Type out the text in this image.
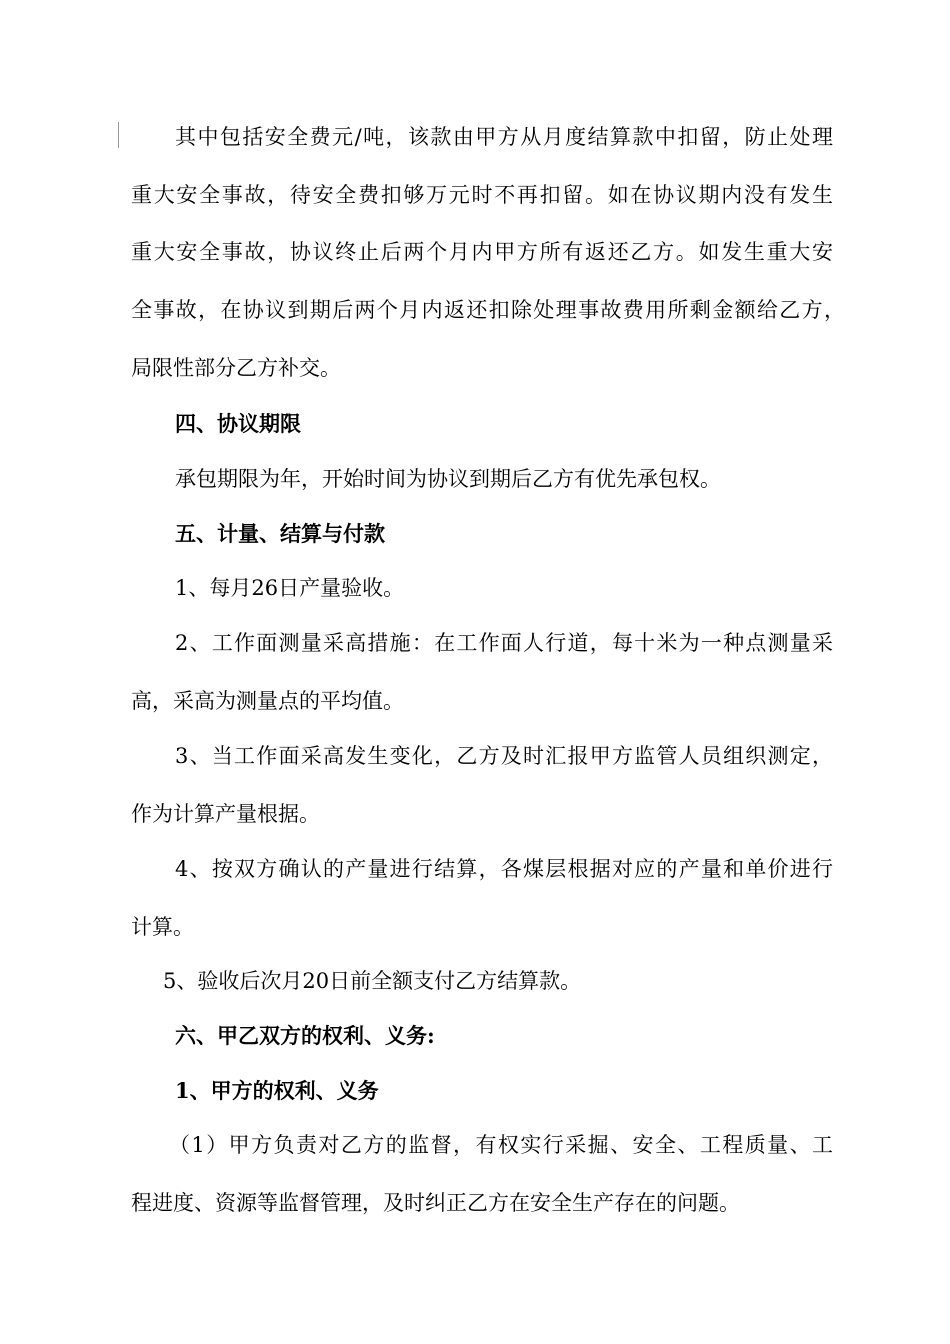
其中包括安全费元/吨，该款由甲方从月度结算款中扣留，防止处理
重大安全事故，待安全费扣够万元时不再扣留。如在协议期内没有发生
重大安全事故，协议终止后两个月内甲方所有返还乙方。如发生重大安
全事故，在协议到期后两个月内返还扣除处理事故费用所剩金额给乙方，
局限性部分乙方补交。
四、协议期限
承包期限为年，开始时间为协议到期后乙方有优先承包权。
五、计量、结算与付款
1、每月26日产量验收。
2、工作面测量采高措施：在工作面人行道，每十米为一种点测量采
高，采高为测量点的平均值。
3、当工作面采高发生变化，乙方及时汇报甲方监管人员组织测定，
作为计算产量根据。
4、按双方确认的产量进行结算，各煤层根据对应的产量和单价进行
计算。
5、验收后次月20日前全额支付乙方结算款。
六、甲乙双方的权利、义务:
1、甲方的权利、义务
（1）甲方负责对乙方的监督，有权实行采掘、安全、工程质量、工
程进度、资源等监督管理，及时纠正乙方在安全生产存在的问题。
